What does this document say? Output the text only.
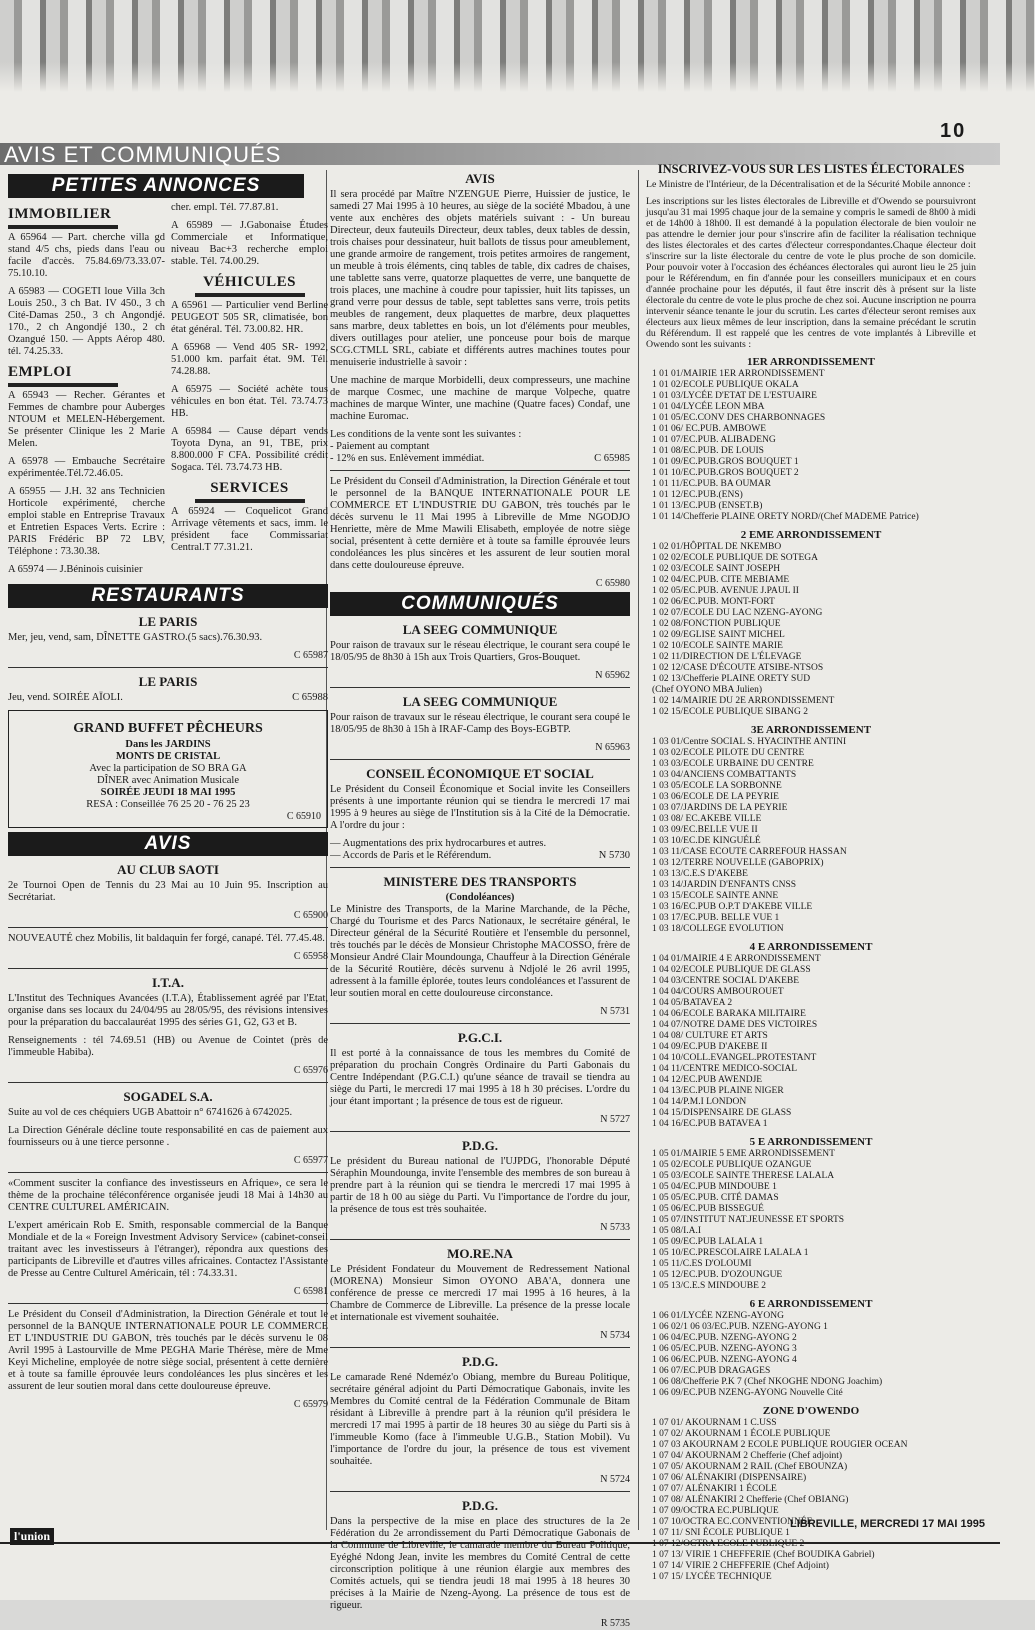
10
AVIS ET COMMUNIQUÉS
PETITES ANNONCES
IMMOBILIER
A 65964 — Part. cherche villa gd stand 4/5 chs, pieds dans l'eau ou facile d'accès. 75.84.69/73.33.07- 75.10.10.
A 65983 — COGETI loue Villa 3ch Louis 250., 3 ch Bat. IV 450., 3 ch Cité-Damas 250., 3 ch Angondjé. 170., 2 ch Angondjé 130., 2 ch Ozangué 150. — Appts Aérop 480. tél. 74.25.33.
EMPLOI
A 65943 — Recher. Gérantes et Femmes de chambre pour Auberges NTOUM et MELEN-Hébergement. Se présenter Clinique les 2 Marie Melen.
A 65978 — Embauche Secrétaire expérimentée.Tél.72.46.05.
A 65955 — J.H. 32 ans Technicien Horticole expérimenté, cherche emploi stable en Entreprise Travaux et Entretien Espaces Verts. Ecrire : PARIS Frédéric BP 72 LBV, Téléphone : 73.30.38.
A 65974 — J.Béninois cuisinier
cher. empl. Tél. 77.87.81.
A 65989 — J.Gabonaise Études Commerciale et Informatique, niveau Bac+3 recherche emploi stable. Tél. 74.00.29.
VÉHICULES
A 65961 — Particulier vend Berline PEUGEOT 505 SR, climatisée, bon état général. Tél. 73.00.82. HR.
A 65968 — Vend 405 SR- 1992, 51.000 km. parfait état. 9M. Tél. 74.28.88.
A 65975 — Société achète tous véhicules en bon état. Tél. 73.74.73 HB.
A 65984 — Cause départ vends Toyota Dyna, an 91, TBE, prix 8.800.000 F CFA. Possibilité crédit Sogaca. Tél. 73.74.73 HB.
SERVICES
A 65924 — Coquelicot Grand Arrivage vêtements et sacs, imm. le président face Commissariat Central.T 77.31.21.
RESTAURANTS
LE PARIS
Mer, jeu, vend, sam, DÎNETTE GASTRO.(5 sacs).76.30.93.
C 65987
LE PARIS
Jeu, vend. SOIRÉE AÏOLI.	C 65988
GRAND BUFFET PÊCHEURS
Dans les JARDINS
MONTS DE CRISTAL
Avec la participation de SO BRA GA
DÎNER avec Animation Musicale
SOIRÉE JEUDI 18 MAI 1995
RESA : Conseillée 76 25 20 - 76 25 23
C 65910
AVIS
AU CLUB SAOTI
2e Tournoi Open de Tennis du 23 Mai au 10 Juin 95. Inscription au Secrétariat.
C 65900
NOUVEAUTÉ chez Mobilis, lit baldaquin fer forgé, canapé. Tél. 77.45.48.
C 65958
I.T.A.
L'Institut des Techniques Avancées (I.T.A), Établissement agréé par l'Etat, organise dans ses locaux du 24/04/95 au 28/05/95, des révisions intensives pour la préparation du baccalauréat 1995 des séries G1, G2, G3 et B.
Renseignements : tél 74.69.51 (HB) ou Avenue de Cointet (près de l'immeuble Habiba).
C 65976
SOGADEL S.A.
Suite au vol de ces chéquiers UGB Abattoir n° 6741626 à 6742025.
La Direction Générale décline toute responsabilité en cas de paiement aux fournisseurs ou à une tierce personne .
C 65977
«Comment susciter la confiance des investisseurs en Afrique», ce sera le thème de la prochaine téléconférence organisée jeudi 18 Mai à 14h30 au CENTRE CULTUREL AMÉRICAIN.
L'expert américain Rob E. Smith, responsable commercial de la Banque Mondiale et de la « Foreign Investment Advisory Service» (cabinet-conseil traitant avec les investisseurs à l'étranger), répondra aux questions des participants de Libreville et d'autres villes africaines. Contactez l'Assistante de Presse au Centre Culturel Américain, tél : 74.33.31.
C 65981
Le Président du Conseil d'Administration, la Direction Générale et tout le personnel de la BANQUE INTERNATIONALE POUR LE COMMERCE ET L'INDUSTRIE DU GABON, très touchés par le décès survenu le 08 Avril 1995 à Lastourville de Mme PEGHA Marie Thérèse, mère de Mme Keyi Micheline, employée de notre siège social, présentent à cette dernière et à toute sa famille éprouvée leurs condoléances les plus sincères et les assurent de leur soutien moral dans cette douloureuse épreuve.
C 65979
AVIS
Il sera procédé par Maître N'ZENGUE Pierre, Huissier de justice, le samedi 27 Mai 1995 à 10 heures, au siège de la société Mbadou, à une vente aux enchères des objets matériels suivant : - Un bureau Directeur, deux fauteuils Directeur, deux tables, deux tables de dessin, trois chaises pour dessinateur, huit ballots de tissus pour ameublement, une grande armoire de rangement, trois petites armoires de rangement, un meuble à trois éléments, cinq tables de table, dix cadres de chaises, une tablette sans verre, quatorze plaquettes de verre, une banquette de trois places, une machine à coudre pour tapissier, huit lits tapisses, un grand verre pour dessus de table, sept tablettes sans verre, trois petits meubles de rangement, deux plaquettes de marbre, deux plaquettes sans marbre, deux tablettes en bois, un lot d'éléments pour meubles, divers outillages pour atelier, une ponceuse pour bois de marque SCG.CTMLL SRL, cabiate et différents autres machines toutes pour menuiserie industrielle à savoir :
Une machine de marque Morbidelli, deux compresseurs, une machine de marque Cosmec, une machine de marque Volpeche, quatre machines de marque Winter, une machine (Quatre faces) Condaf, une machine Euromac.
Les conditions de la vente sont les suivantes :
- Paiement au comptant
- 12% en sus. Enlèvement immédiat.	C 65985
Le Président du Conseil d'Administration, la Direction Générale et tout le personnel de la BANQUE INTERNATIONALE POUR LE COMMERCE ET L'INDUSTRIE DU GABON, très touchés par le décès survenu le 11 Mai 1995 à Libreville de Mme NGODJO Henriette, mère de Mme Mawili Elisabeth, employée de notre siège social, présentent à cette dernière et à toute sa famille éprouvée leurs condoléances les plus sincères et les assurent de leur soutien moral dans cette douloureuse épreuve.
C 65980
COMMUNIQUÉS
LA SEEG COMMUNIQUE
Pour raison de travaux sur le réseau électrique, le courant sera coupé le 18/05/95 de 8h30 à 15h aux Trois Quartiers, Gros-Bouquet.
N 65962
LA SEEG COMMUNIQUE
Pour raison de travaux sur le réseau électrique, le courant sera coupé le 18/05/95 de 8h30 à 15h à IRAF-Camp des Boys-EGBTP.
N 65963
CONSEIL ÉCONOMIQUE ET SOCIAL
Le Président du Conseil Économique et Social invite les Conseillers présents à une importante réunion qui se tiendra le mercredi 17 mai 1995 à 9 heures au siège de l'Institution sis à la Cité de la Démocratie. A l'ordre du jour :
— Augmentations des prix hydrocarbures et autres.
— Accords de Paris et le Référendum.	N 5730
MINISTERE DES TRANSPORTS
(Condoléances)
Le Ministre des Transports, de la Marine Marchande, de la Pêche, Chargé du Tourisme et des Parcs Nationaux, le secrétaire général, le Directeur général de la Sécurité Routière et l'ensemble du personnel, très touchés par le décès de Monsieur Christophe MACOSSO, frère de Monsieur André Clair Moundounga, Chauffeur à la Direction Générale de la Sécurité Routière, décès survenu à Ndjolé le 26 avril 1995, adressent à la famille éplorée, toutes leurs condoléances et l'assurent de leur soutien moral en cette douloureuse circonstance.
N 5731
P.G.C.I.
Il est porté à la connaissance de tous les membres du Comité de préparation du prochain Congrès Ordinaire du Parti Gabonais du Centre Indépendant (P.G.C.I.) qu'une séance de travail se tiendra au siège du Parti, le mercredi 17 mai 1995 à 18 h 30 précises. L'ordre du jour étant important ; la présence de tous est de rigueur.
N 5727
P.D.G.
Le président du Bureau national de l'UJPDG, l'honorable Député Séraphin Moundounga, invite l'ensemble des membres de son bureau à prendre part à la réunion qui se tiendra le mercredi 17 mai 1995 à partir de 18 h 00 au siège du Parti. Vu l'importance de l'ordre du jour, la présence de tous est très souhaitée.
N 5733
MO.RE.NA
Le Président Fondateur du Mouvement de Redressement National (MORENA) Monsieur Simon OYONO ABA'A, donnera une conférence de presse ce mercredi 17 mai 1995 à 16 heures, à la Chambre de Commerce de Libreville. La présence de la presse locale et internationale est vivement souhaitée.
N 5734
P.D.G.
Le camarade René Ndeméz'o Obiang, membre du Bureau Politique, secrétaire général adjoint du Parti Démocratique Gabonais, invite les Membres du Comité central de la Fédération Communale de Bitam résidant à Libreville à prendre part à la réunion qu'il présidera le mercredi 17 mai 1995 à partir de 18 heures 30 au siège du Parti sis à l'immeuble Komo (face à l'immeuble U.G.B., Station Mobil). Vu l'importance de l'ordre du jour, la présence de tous est vivement souhaitée.
N 5724
P.D.G.
Dans la perspective de la mise en place des structures de la 2e Fédération du 2e arrondissement du Parti Démocratique Gabonais de la Commune de Libreville, le camarade membre du Bureau Politique, Eyéghé Ndong Jean, invite les membres du Comité Central de cette circonscription politique à une réunion élargie aux membres des Comités actuels, qui se tiendra jeudi 18 mai 1995 à 18 heures 30 précises à la Mairie de Nzeng-Ayong. La présence de tous est de rigueur.
R 5735
INSCRIVEZ-VOUS SUR LES LISTES ÉLECTORALES
Le Ministre de l'Intérieur, de la Décentralisation et de la Sécurité Mobile annonce :
Les inscriptions sur les listes électorales de Libreville et d'Owendo se poursuivront jusqu'au 31 mai 1995 chaque jour de la semaine y compris le samedi de 8h00 à midi et de 14h00 à 18h00. Il est demandé à la population électorale de bien vouloir ne pas attendre le dernier jour pour s'inscrire afin de faciliter la réalisation technique des listes électorales et des cartes d'électeur correspondantes.Chaque électeur doit s'inscrire sur la liste électorale du centre de vote le plus proche de son domicile. Pour pouvoir voter à l'occasion des échéances électorales qui auront lieu le 25 juin pour le Référendum, en fin d'année pour les conseillers municipaux et en cours d'année prochaine pour les députés, il faut être inscrit dès à présent sur la liste électorale du centre de vote le plus proche de chez soi. Aucune inscription ne pourra intervenir séance tenante le jour du scrutin. Les cartes d'électeur seront remises aux électeurs aux lieux mêmes de leur inscription, dans la semaine précédant le scrutin du Référendum. Il est rappelé que les centres de vote implantés à Libreville et Owendo sont les suivants :
1ER ARRONDISSEMENT
1 01 01/MAIRIE 1ER ARRONDISSEMENT
1 01 02/ECOLE PUBLIQUE OKALA
1 01 03/LYCÉE D'ETAT DE L'ESTUAIRE
1 01 04/LYCÉE LEON MBA
1 01 05/EC.CONV DES CHARBONNAGES
1 01 06/ EC.PUB. AMBOWE
1 01 07/EC.PUB. ALIBADENG
1 01 08/EC.PUB. DE LOUIS
1 01 09/EC.PUB.GROS BOUQUET 1
1 01 10/EC.PUB.GROS BOUQUET 2
1 01 11/EC.PUB. BA OUMAR
1 01 12/EC.PUB.(ENS)
1 01 13/EC.PUB (ENSET.B)
1 01 14/Chefferie PLAINE ORETY NORD/(Chef MADEME Patrice)
2 EME ARRONDISSEMENT
1 02 01/HÔPITAL DE NKEMBO
1 02 02/ECOLE PUBLIQUE DE SOTEGA
1 02 03/ECOLE SAINT JOSEPH
1 02 04/EC.PUB. CITE MEBIAME
1 02 05/EC.PUB. AVENUE J.PAUL II
1 02 06/EC.PUB. MONT-FORT
1 02 07/ECOLE DU LAC NZENG-AYONG
1 02 08/FONCTION PUBLIQUE
1 02 09/EGLISE SAINT MICHEL
1 02 10/ECOLE SAINTE MARIE
1 02 11/DIRECTION DE L'ÉLEVAGE
1 02 12/CASE D'ÉCOUTE ATSIBE-NTSOS
1 02 13/Chefferie PLAINE ORETY SUD
(Chef OYONO MBA Julien)
1 02 14/MAIRIE DU 2E ARRONDISSEMENT
1 02 15/ECOLE PUBLIQUE SIBANG 2
3E ARRONDISSEMENT
1 03 01/Centre SOCIAL S. HYACINTHE ANTINI
1 03 02/ECOLE PILOTE DU CENTRE
1 03 03/ECOLE URBAINE DU CENTRE
1 03 04/ANCIENS COMBATTANTS
1 03 05/ECOLE LA SORBONNE
1 03 06/ECOLE DE LA PEYRIE
1 03 07/JARDINS DE LA PEYRIE
1 03 08/ EC.AKEBE VILLE
1 03 09/EC.BELLE VUE II
1 03 10/EC.DE KINGUÉLÉ
1 03 11/CASE ECOUTE CARREFOUR HASSAN
1 03 12/TERRE NOUVELLE (GABOPRIX)
1 03 13/C.E.S D'AKEBE
1 03 14/JARDIN D'ENFANTS CNSS
1 03 15/ECOLE SAINTE ANNE
1 03 16/EC.PUB O.P.T D'AKEBE VILLE
1 03 17/EC.PUB. BELLE VUE 1
1 03 18/COLLEGE EVOLUTION
4 E ARRONDISSEMENT
1 04 01/MAIRIE 4 E ARRONDISSEMENT
1 04 02/ECOLE PUBLIQUE DE GLASS
1 04 03/CENTRE SOCIAL D'AKEBE
1 04 04/COURS AMBOUROUET
1 04 05/BATAVEA 2
1 04 06/ECOLE BARAKA MILITAIRE
1 04 07/NOTRE DAME DES VICTOIRES
1 04 08/ CULTURE ET ARTS
1 04 09/EC.PUB D'AKEBE II
1 04 10/COLL.EVANGEL.PROTESTANT
1 04 11/CENTRE MEDICO-SOCIAL
1 04 12/EC.PUB AWENDJE
1 04 13/EC.PUB PLAINE NIGER
1 04 14/P.M.I LONDON
1 04 15/DISPENSAIRE DE GLASS
1 04 16/EC.PUB BATAVEA 1
5 E ARRONDISSEMENT
1 05 01/MAIRIE 5 EME ARRONDISSEMENT
1 05 02/ECOLE PUBLIQUE OZANGUE
1 05 03/ECOLE SAINTE THERESE LALALA
1 05 04/EC.PUB MINDOUBE 1
1 05 05/EC.PUB. CITÉ DAMAS
1 05 06/EC.PUB BISSEGUÉ
1 05 07/INSTITUT NAT.JEUNESSE ET SPORTS
1 05 08/I.A.I
1 05 09/EC.PUB LALALA 1
1 05 10/EC.PRESCOLAIRE LALALA 1
1 05 11/C.ES D'OLOUMI
1 05 12/EC.PUB. D'OZOUNGUE
1 05 13/C.E.S MINDOUBE 2
6 E ARRONDISSEMENT
1 06 01/LYCÉE NZENG-AYONG
1 06 02/1 06 03/EC.PUB. NZENG-AYONG 1
1 06 04/EC.PUB. NZENG-AYONG 2
1 06 05/EC.PUB. NZENG-AYONG 3
1 06 06/EC.PUB. NZENG-AYONG 4
1 06 07/EC.PUB DRAGAGES
1 06 08/Chefferie P.K 7 (Chef NKOGHE NDONG Joachim)
1 06 09/EC.PUB NZENG-AYONG Nouvelle Cité
ZONE D'OWENDO
1 07 01/ AKOURNAM 1 C.USS
1 07 02/ AKOURNAM 1 ÉCOLE PUBLIQUE
1 07 03 AKOURNAM 2 ECOLE PUBLIQUE ROUGIER OCEAN
1 07 04/ AKOURNAM 2 Chefferie (Chef adjoint)
1 07 05/ AKOURNAM 2 RAIL (Chef EBOUNZA)
1 07 06/ ALÉNAKIRI (DISPENSAIRE)
1 07 07/ ALÉNAKIRI 1 ÉCOLE
1 07 08/ ALÉNAKIRI 2 Chefferie (Chef OBIANG)
1 07 09/OCTRA EC.PUBLIQUE
1 07 10/OCTRA EC.CONVENTIONNÉE
1 07 11/ SNI ÉCOLE PUBLIQUE 1
1 07 12/OCTRA ECOLE PUBLIQUE 2
1 07 13/ VIRIE 1 CHEFFERIE (Chef BOUDIKA Gabriel)
1 07 14/ VIRIE 2 CHEFFERIE (Chef Adjoint)
1 07 15/ LYCÉE TECHNIQUE
LIBREVILLE, MERCREDI 17 MAI 1995
l'union
